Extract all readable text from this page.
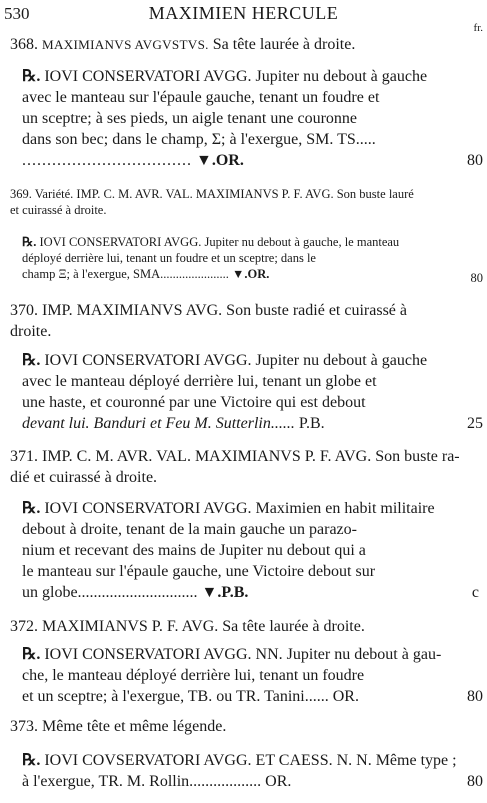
530	MAXIMIEN HERCULE
fr.
368. MAXIMIANVS AVGVSTVS. Sa tête laurée à droite.
℞. IOVI CONSERVATORI AVGG. Jupiter nu debout à gauche
avec le manteau sur l'épaule gauche, tenant un foudre et
un sceptre; à ses pieds, un aigle tenant une couronne
dans son bec; dans le champ, Σ; à l'exergue, SM. TS.....
.................................. ▼.OR.	80
369. Variété. IMP. C. M. AVR. VAL. MAXIMIANVS P. F. AVG. Son buste lauré
et cuirassé à droite.
℞. IOVI CONSERVATORI AVGG. Jupiter nu debout à gauche, le manteau
déployé derrière lui, tenant un foudre et un sceptre; dans le
champ Ξ; à l'exergue, SMA...................... ▼.OR.	80
370. IMP. MAXIMIANVS AVG. Son buste radié et cuirassé à
droite.
℞. IOVI CONSERVATORI AVGG. Jupiter nu debout à gauche
avec le manteau déployé derrière lui, tenant un globe et
une haste, et couronné par une Victoire qui est debout
devant lui. Banduri et Feu M. Sutterlin...... P.B.	25
371. IMP. C. M. AVR. VAL. MAXIMIANVS P. F. AVG. Son buste ra-
dié et cuirassé à droite.
℞. IOVI CONSERVATORI AVGG. Maximien en habit militaire
debout à droite, tenant de la main gauche un parazo-
nium et recevant des mains de Jupiter nu debout qui a
le manteau sur l'épaule gauche, une Victoire debout sur
un globe.............................. ▼.P.B.	c
372. MAXIMIANVS P. F. AVG. Sa tête laurée à droite.
℞. IOVI CONSERVATORI AVGG. NN. Jupiter nu debout à gau-
che, le manteau déployé derrière lui, tenant un foudre
et un sceptre; à l'exergue, TB. ou TR. Tanini...... OR.	80
373. Même tête et même légende.
℞. IOVI COVSERVATORI AVGG. ET CAESS. N. N. Même type ;
à l'exergue, TR. M. Rollin.................. OR.	80
